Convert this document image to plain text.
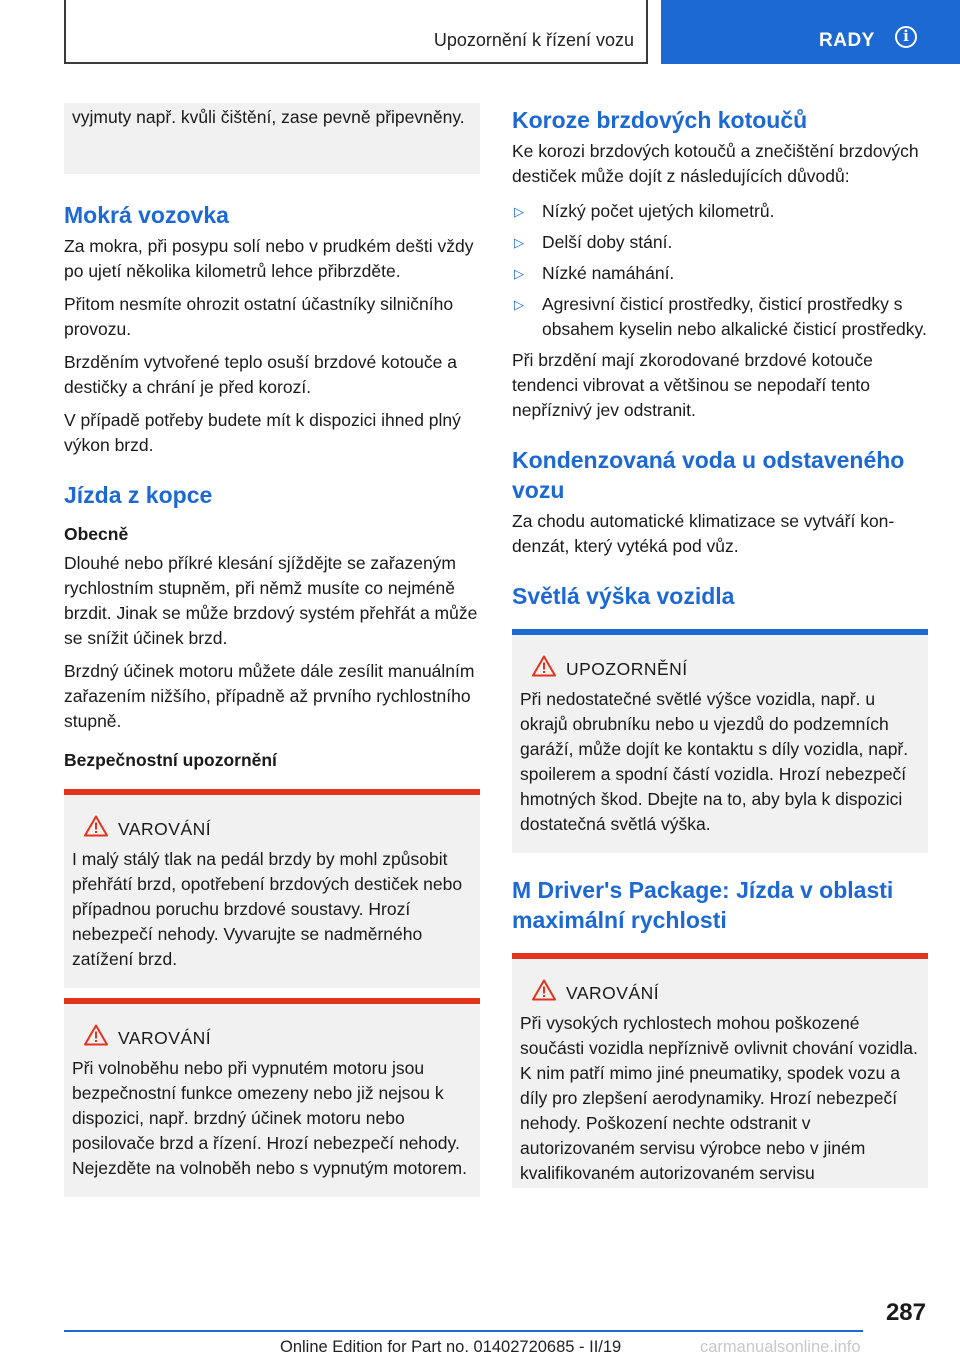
Upozornění k řízení vozu	RADY	i

vyjmuty např. kvůli čištění, zase pevně připevněny.

Mokrá vozovka

Za mokra, při posypu solí nebo v prudkém dešti vždy po ujetí několika kilometrů lehce přibrzděte.

Přitom nesmíte ohrozit ostatní účastníky silničního provozu.

Brzděním vytvořené teplo osuší brzdové kotouče a destičky a chrání je před korozí.

V případě potřeby budete mít k dispozici ihned plný výkon brzd.

Jízda z kopce
Obecně

Dlouhé nebo příkré klesání sjíždějte se zařazeným rychlostním stupněm, při němž musíte co nejméně brzdit. Jinak se může brzdový systém přehřát a může se snížit účinek brzd.

Brzdný účinek motoru můžete dále zesílit manuálním zařazením nižšího, případně až prvního rychlostního stupně.

Bezpečnostní upozornění
VAROVÁNÍ

I malý stálý tlak na pedál brzdy by mohl způsobit přehřátí brzd, opotřebení brzdových destiček nebo případnou poruchu brzdové soustavy. Hrozí nebezpečí nehody. Vyvarujte se nadměrného zatížení brzd.

VAROVÁNÍ

Při volnoběhu nebo při vypnutém motoru jsou bezpečnostní funkce omezeny nebo již nejsou k dispozici, např. brzdný účinek motoru nebo posilovače brzd a řízení. Hrozí nebezpečí nehody. Nejezděte na volnoběh nebo s vypnutým motorem.

Koroze brzdových kotoučů

Ke korozi brzdových kotoučů a znečištění brzdových destiček může dojít z následujících důvodů:

▷ Nízký počet ujetých kilometrů.
▷ Delší doby stání.
▷ Nízké namáhání.
▷ Agresivní čisticí prostředky, čisticí prostředky s obsahem kyselin nebo alkalické čisticí prostředky.

Při brzdění mají zkorodované brzdové kotouče tendenci vibrovat a většinou se nepodaří tento nepříznivý jev odstranit.

Kondenzovaná voda u odstaveného vozu

Za chodu automatické klimatizace se vytváří kondenzát, který vytéká pod vůz.

Světlá výška vozidla
UPOZORNĚNÍ

Při nedostatečné světlé výšce vozidla, např. u okrajů obrubníku nebo u vjezdů do podzemních garáží, může dojít ke kontaktu s díly vozidla, např. spoilerem a spodní částí vozidla. Hrozí nebezpečí hmotných škod. Dbejte na to, aby byla k dispozici dostatečná světlá výška.

M Driver's Package: Jízda v oblasti maximální rychlosti
VAROVÁNÍ

Při vysokých rychlostech mohou poškozené součásti vozidla nepříznivě ovlivnit chování vozidla. K nim patří mimo jiné pneumatiky, spodek vozu a díly pro zlepšení aerodynamiky. Hrozí nebezpečí nehody. Poškození nechte odstranit v autorizovaném servisu výrobce nebo v jiném kvalifikovaném autorizovaném servisu

287
Online Edition for Part no. 01402720685 - II/19	carmanualsonline.info
